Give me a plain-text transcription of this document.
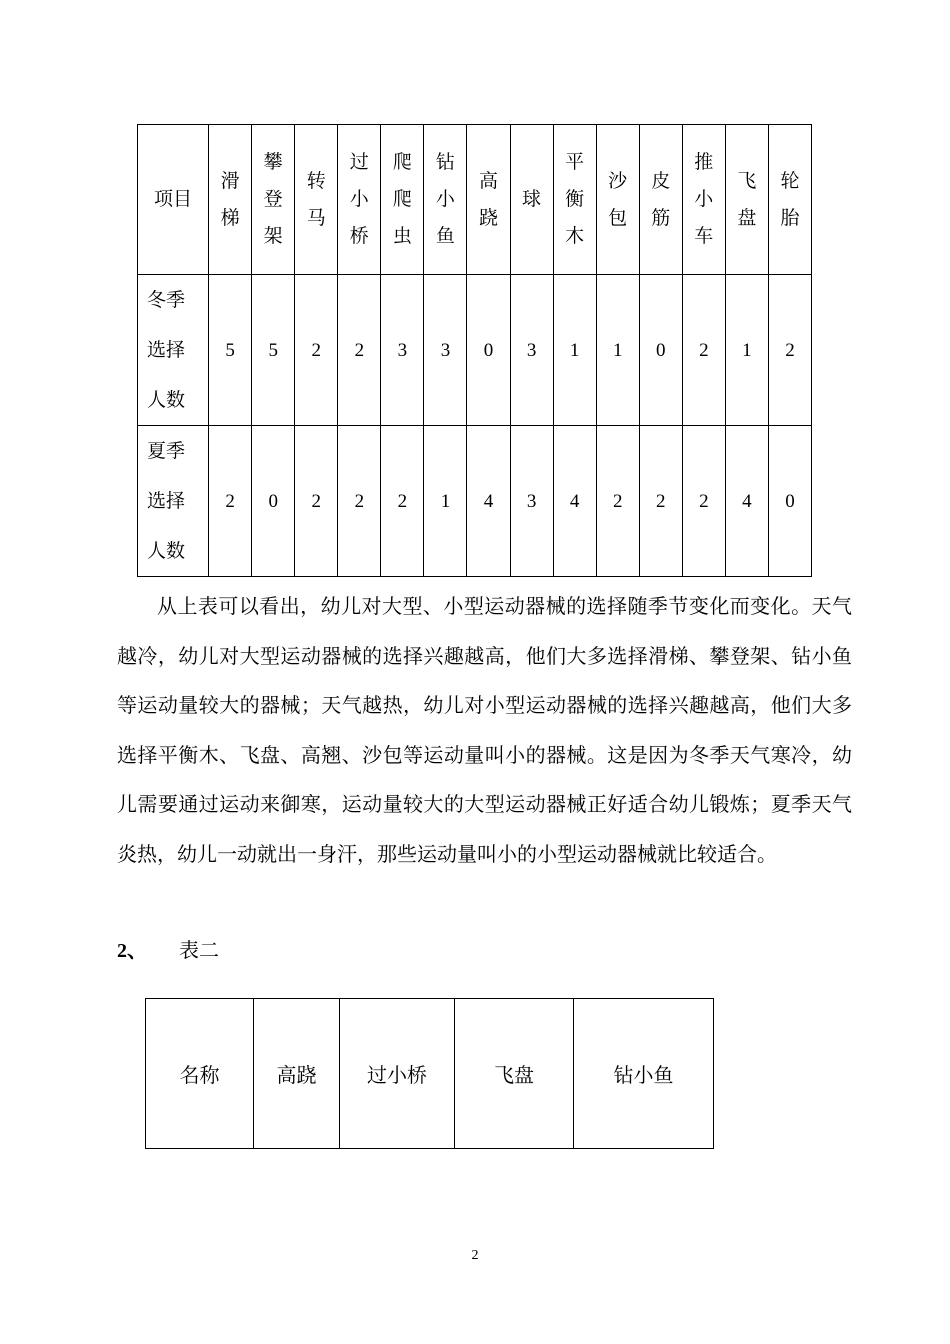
项目	滑梯	攀登架	转马	过小桥	爬爬虫	钻小鱼	高跷	球	平衡木	沙包	皮筋	推小车	飞盘	轮胎
冬季选择人数	5	5	2	2	3	3	0	3	1	1	0	2	1	2
夏季选择人数	2	0	2	2	2	1	4	3	4	2	2	2	4	0

从上表可以看出，幼儿对大型、小型运动器械的选择随季节变化而变化。天气越冷，幼儿对大型运动器械的选择兴趣越高，他们大多选择滑梯、攀登架、钻小鱼等运动量较大的器械；天气越热，幼儿对小型运动器械的选择兴趣越高，他们大多选择平衡木、飞盘、高翘、沙包等运动量叫小的器械。这是因为冬季天气寒冷，幼儿需要通过运动来御寒，运动量较大的大型运动器械正好适合幼儿锻炼；夏季天气炎热，幼儿一动就出一身汗，那些运动量叫小的小型运动器械就比较适合。

2、 表二
名称	高跷	过小桥	飞盘	钻小鱼
2
